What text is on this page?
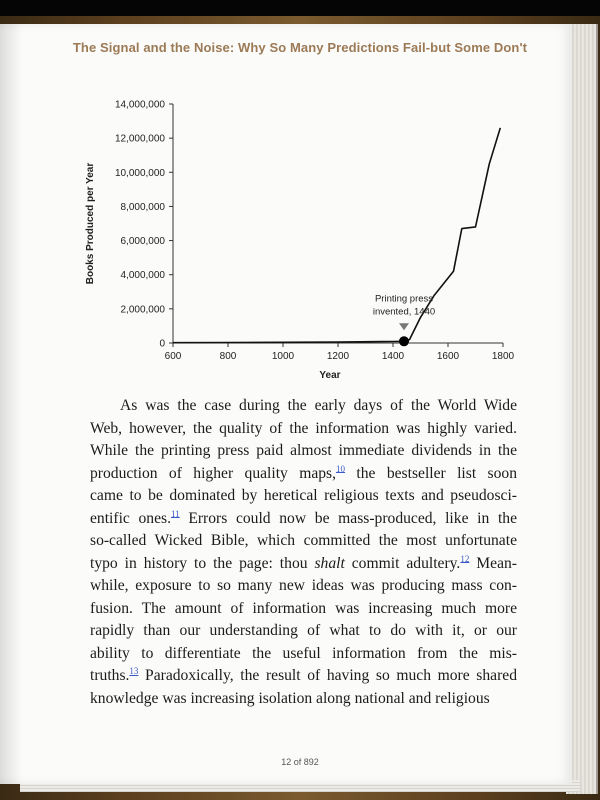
The Signal and the Noise: Why So Many Predictions Fail-but Some Don't
0
2,000,000
4,000,000
6,000,000
8,000,000
10,000,000
12,000,000
14,000,000
Books Produced per Year
600	800	1000	1200	1400	1600	1800
Year
Printing press
invented, 1440
As was the case during the early days of the World Wide
Web, however, the quality of the information was highly varied.
While the printing press paid almost immediate dividends in the
production of higher quality maps,$^{10}$ the bestseller list soon
came to be dominated by heretical religious texts and pseudosci-
entific ones.$^{11}$ Errors could now be mass-produced, like in the
so-called Wicked Bible, which committed the most unfortunate
typo in history to the page: thou shalt commit adultery.$^{12}$ Mean-
while, exposure to so many new ideas was producing mass con-
fusion. The amount of information was increasing much more
rapidly than our understanding of what to do with it, or our
ability to differentiate the useful information from the mis-
truths.$^{13}$ Paradoxically, the result of having so much more shared
knowledge was increasing isolation along national and religious
12 of 892
